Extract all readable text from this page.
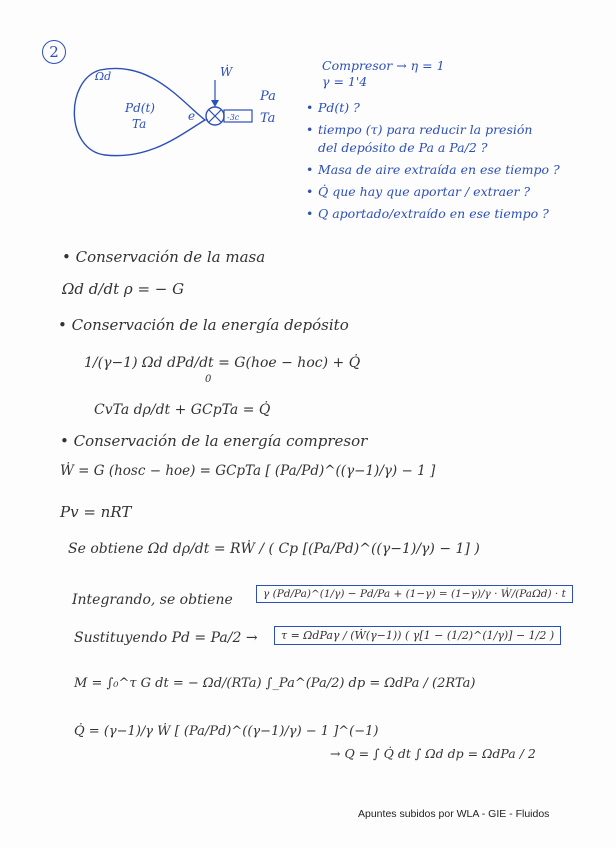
2
Ωd
Pd(t)
Ta
e
Ẇ
-3c
Pa
Ta
Compresor → η = 1
γ = 1'4
• Pd(t) ?
• tiempo (τ) para reducir la presión
del depósito de Pa a Pa/2 ?
• Masa de aire extraída en ese tiempo ?
• Q̇ que hay que aportar / extraer ?
• Q aportado/extraído en ese tiempo ?
• Conservación de la masa
Ωd d/dt ρ = − G
• Conservación de la energía depósito
1/(γ−1) Ωd dPd/dt = G(hoe − hoc) + Q̇
0
CvTa dρ/dt + GCpTa = Q̇
• Conservación de la energía compresor
Ẇ = G (hosc − hoe) = GCpTa [ (Pa/Pd)^((γ−1)/γ) − 1 ]
Pv = nRT
Se obtiene Ωd dρ/dt = RẆ / ( Cp [(Pa/Pd)^((γ−1)/γ) − 1] )
Integrando, se obtiene	γ (Pd/Pa)^(1/γ) − Pd/Pa + (1−γ) = (1−γ)/γ · Ẇ/(PaΩd) · t
Sustituyendo Pd = Pa/2 →	τ = ΩdPaγ / (Ẇ(γ−1)) ( γ[1 − (1/2)^(1/γ)] − 1/2 )
M = ∫₀^τ G dt = − Ωd/(RTa) ∫_Pa^(Pa/2) dp = ΩdPa / (2RTa)
Q̇ = (γ−1)/γ Ẇ [ (Pa/Pd)^((γ−1)/γ) − 1 ]^(−1)
→ Q = ∫ Q̇ dt ∫ Ωd dp = ΩdPa / 2
Apuntes subidos por WLA - GIE - Fluidos
